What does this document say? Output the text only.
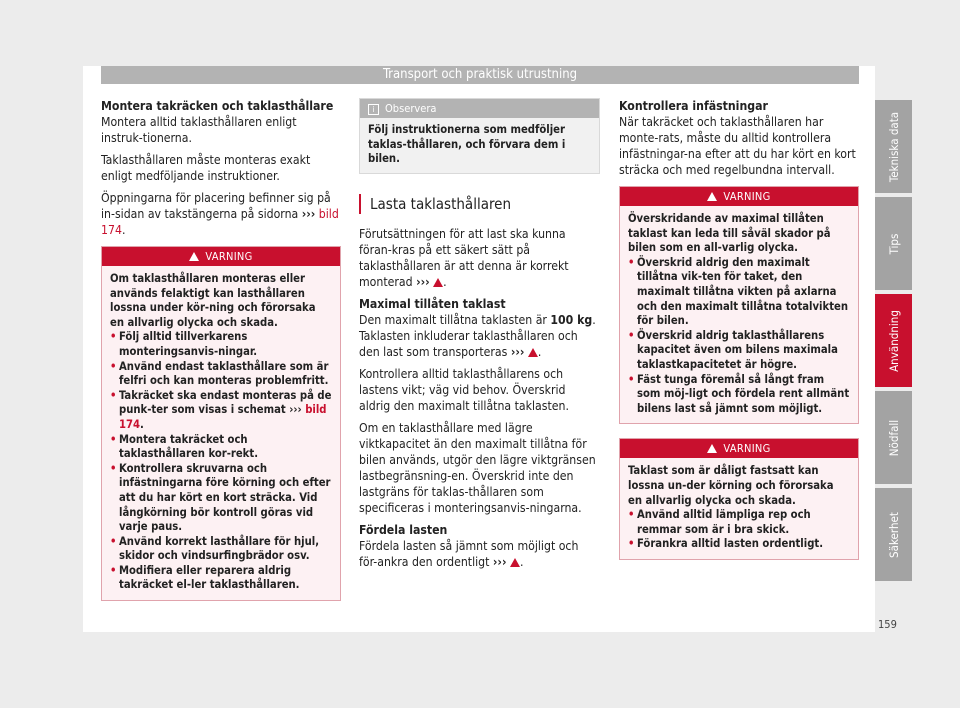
Transport och praktisk utrustning

Montera takräcken och taklasthållare

Montera alltid taklasthållaren enligt instruk-tionerna.

Taklasthållaren måste monteras exakt enligt medföljande instruktioner.

Öppningarna för placering befinner sig på in-sidan av takstängerna på sidorna ››› bild 174.

VARNING

Om taklasthållaren monteras eller används felaktigt kan lasthållaren lossna under kör-ning och förorsaka en allvarlig olycka och skada.

• Följ alltid tillverkarens monteringsanvis-ningar.

• Använd endast taklasthållare som är felfri och kan monteras problemfritt.

• Takräcket ska endast monteras på de punk-ter som visas i schemat ››› bild 174.

• Montera takräcket och taklasthållaren kor-rekt.

• Kontrollera skruvarna och infästningarna före körning och efter att du har kört en kort sträcka. Vid långkörning bör kontroll göras vid varje paus.

• Använd korrekt lasthållare för hjul, skidor och vindsurfingbrädor osv.

• Modifiera eller reparera aldrig takräcket el-ler taklasthållaren.

i Observera
Följ instruktionerna som medföljer taklas-thållaren, och förvara dem i bilen.

Lasta taklasthållaren

Förutsättningen för att last ska kunna föran-kras på ett säkert sätt på taklasthållaren är att denna är korrekt monterad ››› .

Maximal tillåten taklast

Den maximalt tillåtna taklasten är 100 kg. Taklasten inkluderar taklasthållaren och den last som transporteras ››› .

Kontrollera alltid taklasthållarens och lastens vikt; väg vid behov. Överskrid aldrig den maximalt tillåtna taklasten.

Om en taklasthållare med lägre viktkapacitet än den maximalt tillåtna för bilen används, utgör den lägre viktgränsen lastbegränsning-en. Överskrid inte den lastgräns för taklas-thållaren som specificeras i monteringsanvis-ningarna.

Fördela lasten

Fördela lasten så jämnt som möjligt och för-ankra den ordentligt ››› .

Kontrollera infästningar

När takräcket och taklasthållaren har monte-rats, måste du alltid kontrollera infästningar-na efter att du har kört en kort sträcka och med regelbundna intervall.

VARNING

Överskridande av maximal tillåten taklast kan leda till såväl skador på bilen som en all-varlig olycka.

• Överskrid aldrig den maximalt tillåtna vik-ten för taket, den maximalt tillåtna vikten på axlarna och den maximalt tillåtna totalvikten för bilen.

• Överskrid aldrig taklasthållarens kapacitet även om bilens maximala taklastkapacitetet är högre.

• Fäst tunga föremål så långt fram som möj-ligt och fördela rent allmänt bilens last så jämnt som möjligt.

VARNING

Taklast som är dåligt fastsatt kan lossna un-der körning och förorsaka en allvarlig olycka och skada.

• Använd alltid lämpliga rep och remmar som är i bra skick.

• Förankra alltid lasten ordentligt.

Tekniska data
Tips
Användning
Nödfall
Säkerhet
159
